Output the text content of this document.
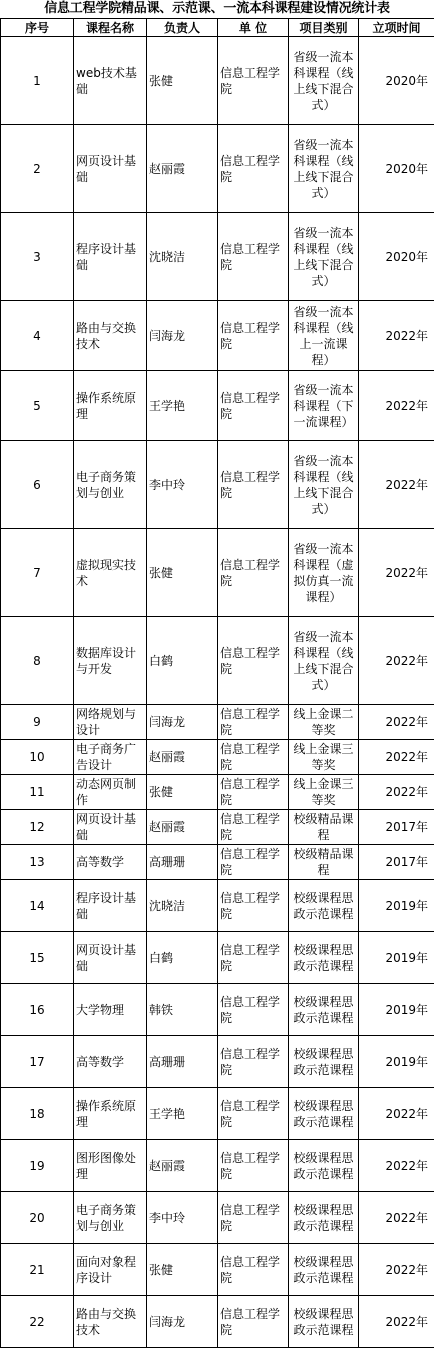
信息工程学院精品课、示范课、一流本科课程建设情况统计表
序号	课程名称	负责人	单 位	项目类别	立项时间
1	web技术基础	张健	信息工程学院	省级一流本科课程（线上线下混合式）	2020年
2	网页设计基础	赵丽霞	信息工程学院	省级一流本科课程（线上线下混合式）	2020年
3	程序设计基础	沈晓洁	信息工程学院	省级一流本科课程（线上线下混合式）	2020年
4	路由与交换技术	闫海龙	信息工程学院	省级一流本科课程（线上一流课程）	2022年
5	操作系统原理	王学艳	信息工程学院	省级一流本科课程（下一流课程）	2022年
6	电子商务策划与创业	李中玲	信息工程学院	省级一流本科课程（线上线下混合式）	2022年
7	虚拟现实技术	张健	信息工程学院	省级一流本科课程（虚拟仿真一流课程）	2022年
8	数据库设计与开发	白鹤	信息工程学院	省级一流本科课程（线上线下混合式）	2022年
9	网络规划与设计	闫海龙	信息工程学院	线上金课二等奖	2022年
10	电子商务广告设计	赵丽霞	信息工程学院	线上金课三等奖	2022年
11	动态网页制作	张健	信息工程学院	线上金课三等奖	2022年
12	网页设计基础	赵丽霞	信息工程学院	校级精品课程	2017年
13	高等数学	高珊珊	信息工程学院	校级精品课程	2017年
14	程序设计基础	沈晓洁	信息工程学院	校级课程思政示范课程	2019年
15	网页设计基础	白鹤	信息工程学院	校级课程思政示范课程	2019年
16	大学物理	韩铁	信息工程学院	校级课程思政示范课程	2019年
17	高等数学	高珊珊	信息工程学院	校级课程思政示范课程	2019年
18	操作系统原理	王学艳	信息工程学院	校级课程思政示范课程	2022年
19	图形图像处理	赵丽霞	信息工程学院	校级课程思政示范课程	2022年
20	电子商务策划与创业	李中玲	信息工程学院	校级课程思政示范课程	2022年
21	面向对象程序设计	张健	信息工程学院	校级课程思政示范课程	2022年
22	路由与交换技术	闫海龙	信息工程学院	校级课程思政示范课程	2022年
